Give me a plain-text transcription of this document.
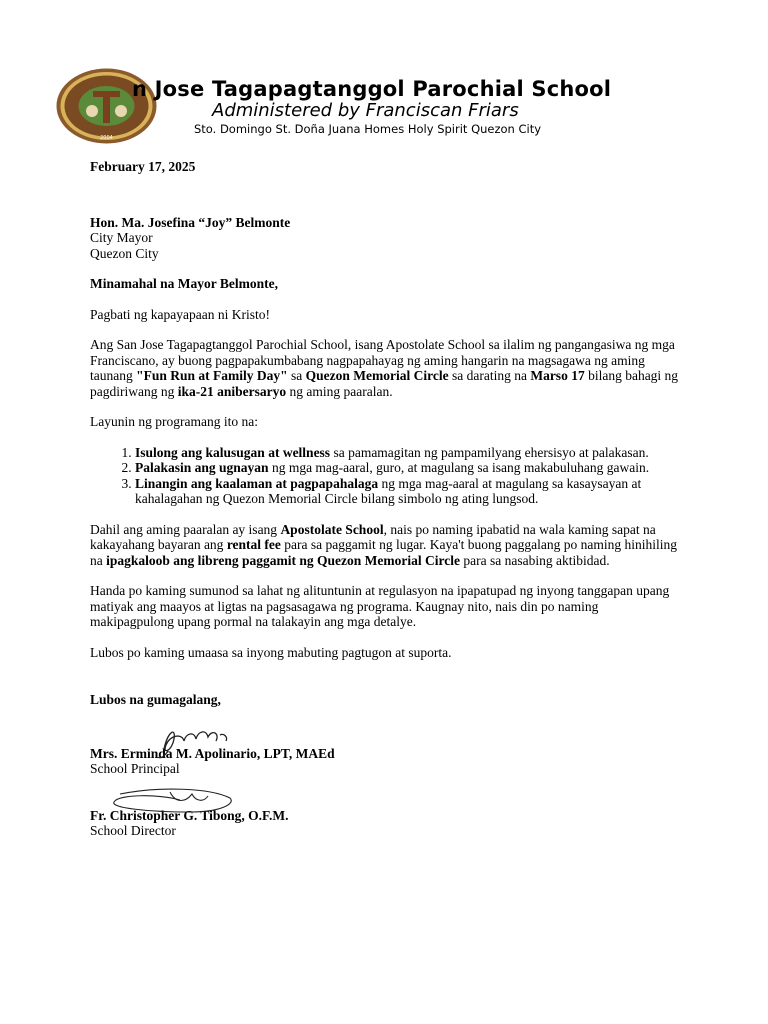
2004
n Jose Tagapagtanggol Parochial School
Administered by Franciscan Friars
Sto. Domingo St. Doña Juana Homes Holy Spirit Quezon City

February 17, 2025

Hon. Ma. Josefina “Joy” Belmonte

City Mayor

Quezon City

Minamahal na Mayor Belmonte,

Pagbati ng kapayapaan ni Kristo!

Ang San Jose Tagapagtanggol Parochial School, isang Apostolate School sa ilalim ng pangangasiwa ng mga Franciscano, ay buong pagpapakumbabang nagpapahayag ng aming hangarin na magsagawa ng aming taunang "Fun Run at Family Day" sa Quezon Memorial Circle sa darating na Marso 17 bilang bahagi ng pagdiriwang ng ika-21 anibersaryo ng aming paaralan.

Layunin ng programang ito na:

1. Isulong ang kalusugan at wellness sa pamamagitan ng pampamilyang ehersisyo at palakasan.
2. Palakasin ang ugnayan ng mga mag-aaral, guro, at magulang sa isang makabuluhang gawain.
3. Linangin ang kaalaman at pagpapahalaga ng mga mag-aaral at magulang sa kasaysayan at kahalagahan ng Quezon Memorial Circle bilang simbolo ng ating lungsod.

Dahil ang aming paaralan ay isang Apostolate School, nais po naming ipabatid na wala kaming sapat na kakayahang bayaran ang rental fee para sa paggamit ng lugar. Kaya't buong paggalang po naming hinihiling na ipagkaloob ang libreng paggamit ng Quezon Memorial Circle para sa nasabing aktibidad.

Handa po kaming sumunod sa lahat ng alituntunin at regulasyon na ipapatupad ng inyong tanggapan upang matiyak ang maayos at ligtas na pagsasagawa ng programa. Kaugnay nito, nais din po naming makipagpulong upang pormal na talakayin ang mga detalye.

Lubos po kaming umaasa sa inyong mabuting pagtugon at suporta.

Lubos na gumagalang,

Mrs. Erminda M. Apolinario, LPT, MAEd

School Principal

Fr. Christopher G. Tibong, O.F.M.

School Director
